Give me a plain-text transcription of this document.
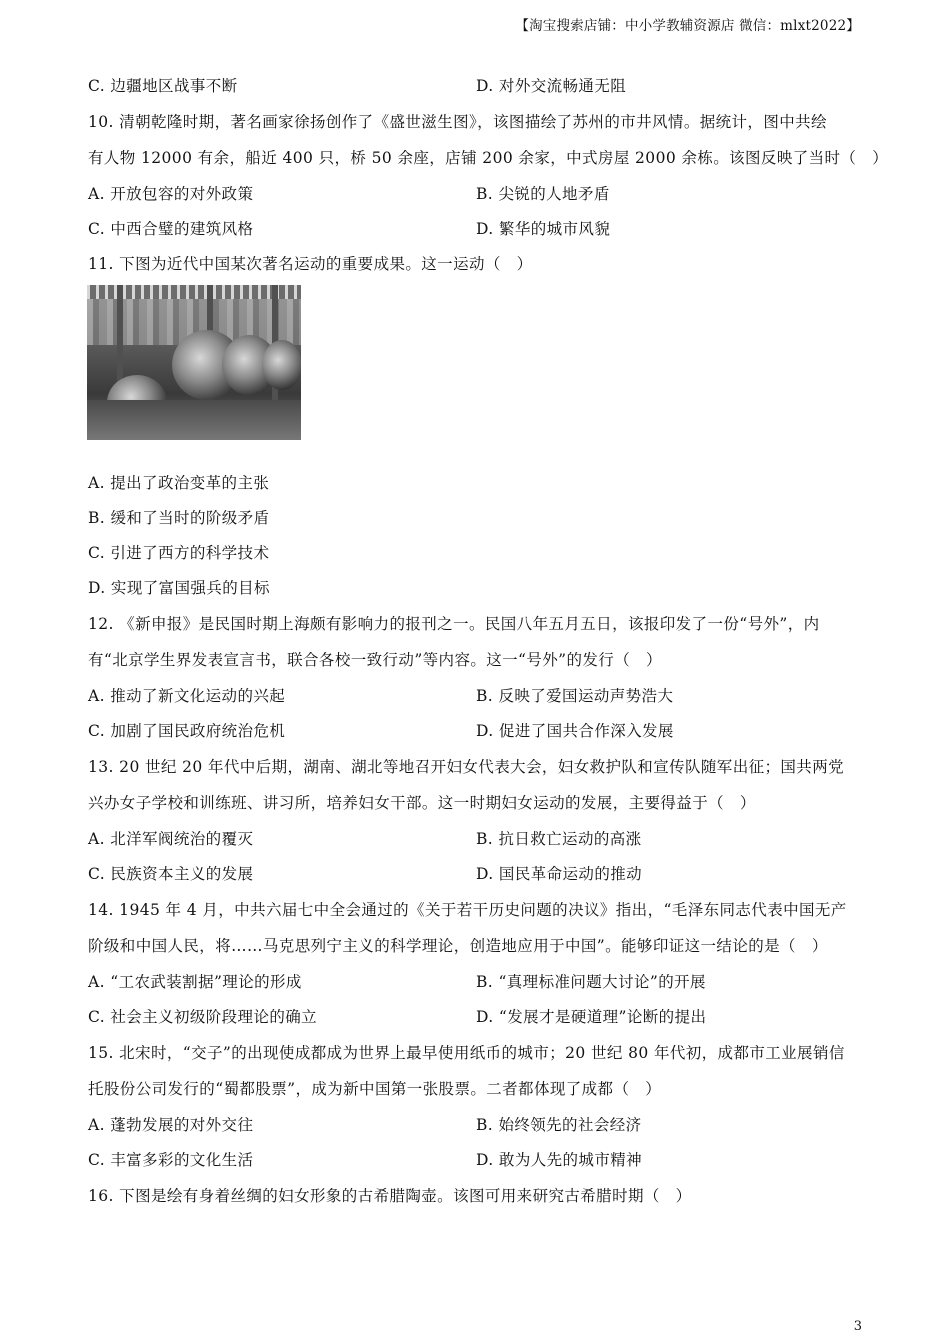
【淘宝搜索店铺：中小学教辅资源店 微信：mlxt2022】
C. 边疆地区战事不断	D. 对外交流畅通无阻
10. 清朝乾隆时期，著名画家徐扬创作了《盛世滋生图》，该图描绘了苏州的市井风情。据统计，图中共绘
有人物 12000 有余，船近 400 只，桥 50 余座，店铺 200 余家，中式房屋 2000 余栋。该图反映了当时（　）
A. 开放包容的对外政策	B. 尖锐的人地矛盾
C. 中西合璧的建筑风格	D. 繁华的城市风貌
11. 下图为近代中国某次著名运动的重要成果。这一运动（　）
A. 提出了政治变革的主张
B. 缓和了当时的阶级矛盾
C. 引进了西方的科学技术
D. 实现了富国强兵的目标
12. 《新申报》是民国时期上海颇有影响力的报刊之一。民国八年五月五日，该报印发了一份“号外”，内
有“北京学生界发表宣言书，联合各校一致行动”等内容。这一“号外”的发行（　）
A. 推动了新文化运动的兴起	B. 反映了爱国运动声势浩大
C. 加剧了国民政府统治危机	D. 促进了国共合作深入发展
13. 20 世纪 20 年代中后期，湖南、湖北等地召开妇女代表大会，妇女救护队和宣传队随军出征；国共两党
兴办女子学校和训练班、讲习所，培养妇女干部。这一时期妇女运动的发展，主要得益于（　）
A. 北洋军阀统治的覆灭	B. 抗日救亡运动的高涨
C. 民族资本主义的发展	D. 国民革命运动的推动
14. 1945 年 4 月，中共六届七中全会通过的《关于若干历史问题的决议》指出，“毛泽东同志代表中国无产
阶级和中国人民，将……马克思列宁主义的科学理论，创造地应用于中国”。能够印证这一结论的是（　）
A. “工农武装割据”理论的形成	B. “真理标准问题大讨论”的开展
C. 社会主义初级阶段理论的确立	D. “发展才是硬道理”论断的提出
15. 北宋时，“交子”的出现使成都成为世界上最早使用纸币的城市；20 世纪 80 年代初，成都市工业展销信
托股份公司发行的“蜀都股票”，成为新中国第一张股票。二者都体现了成都（　）
A. 蓬勃发展的对外交往	B. 始终领先的社会经济
C. 丰富多彩的文化生活	D. 敢为人先的城市精神
16. 下图是绘有身着丝绸的妇女形象的古希腊陶壶。该图可用来研究古希腊时期（　）
3
